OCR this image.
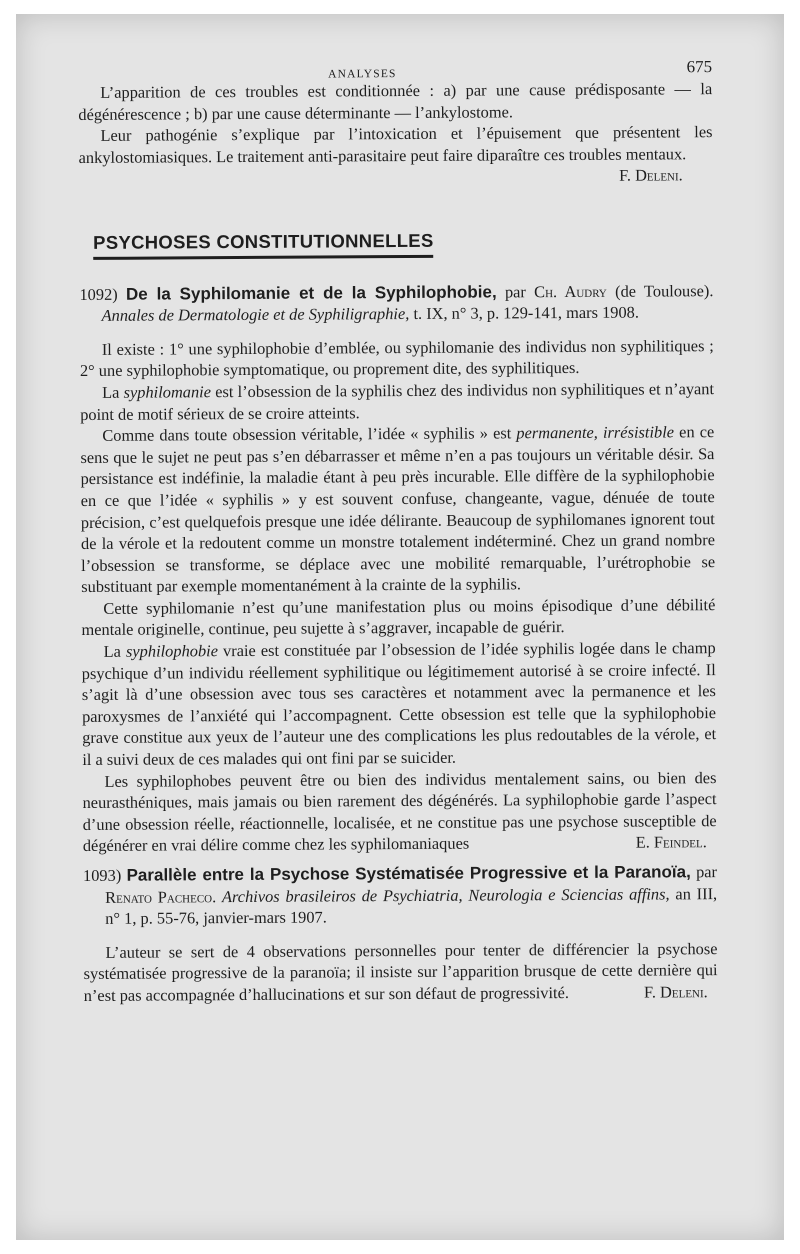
ANALYSES	675

L’apparition de ces troubles est conditionnée : a) par une cause prédisposante — la dégénérescence ; b) par une cause déterminante — l’ankylostome.

Leur pathogénie s’explique par l’intoxication et l’épuisement que présentent les ankylostomiasiques. Le traitement anti-parasitaire peut faire diparaître ces troubles mentaux.
F. Deleni.

PSYCHOSES CONSTITUTIONNELLES

1092) De la Syphilomanie et de la Syphilophobie, par Ch. Audry (de Toulouse). Annales de Dermatologie et de Syphiligraphie, t. IX, n° 3, p. 129-141, mars 1908.

Il existe : 1° une syphilophobie d’emblée, ou syphilomanie des individus non syphilitiques ; 2° une syphilophobie symptomatique, ou proprement dite, des syphilitiques.

La syphilomanie est l’obsession de la syphilis chez des individus non syphilitiques et n’ayant point de motif sérieux de se croire atteints.

Comme dans toute obsession véritable, l’idée « syphilis » est permanente, irrésistible en ce sens que le sujet ne peut pas s’en débarrasser et même n’en a pas toujours un véritable désir. Sa persistance est indéfinie, la maladie étant à peu près incurable. Elle diffère de la syphilophobie en ce que l’idée « syphilis » y est souvent confuse, changeante, vague, dénuée de toute précision, c’est quelquefois presque une idée délirante. Beaucoup de syphilomanes ignorent tout de la vérole et la redoutent comme un monstre totalement indéterminé. Chez un grand nombre l’obsession se transforme, se déplace avec une mobilité remarquable, l’urétrophobie se substituant par exemple momentanément à la crainte de la syphilis.

Cette syphilomanie n’est qu’une manifestation plus ou moins épisodique d’une débilité mentale originelle, continue, peu sujette à s’aggraver, incapable de guérir.

La syphilophobie vraie est constituée par l’obsession de l’idée syphilis logée dans le champ psychique d’un individu réellement syphilitique ou légitimement autorisé à se croire infecté. Il s’agit là d’une obsession avec tous ses caractères et notamment avec la permanence et les paroxysmes de l’anxiété qui l’accompagnent. Cette obsession est telle que la syphilophobie grave constitue aux yeux de l’auteur une des complications les plus redoutables de la vérole, et il a suivi deux de ces malades qui ont fini par se suicider.

Les syphilophobes peuvent être ou bien des individus mentalement sains, ou bien des neurasthéniques, mais jamais ou bien rarement des dégénérés. La syphilophobie garde l’aspect d’une obsession réelle, réactionnelle, localisée, et ne constitue pas une psychose susceptible de dégénérer en vrai délire comme chez les syphilomaniaques	E. Feindel.

1093) Parallèle entre la Psychose Systématisée Progressive et la Paranoïa, par Renato Pacheco. Archivos brasileiros de Psychiatria, Neurologia e Sciencias affins, an III, n° 1, p. 55-76, janvier-mars 1907.

L’auteur se sert de 4 observations personnelles pour tenter de différencier la psychose systématisée progressive de la paranoïa; il insiste sur l’apparition brusque de cette dernière qui n’est pas accompagnée d’hallucinations et sur son défaut de progressivité.	F. Deleni.
